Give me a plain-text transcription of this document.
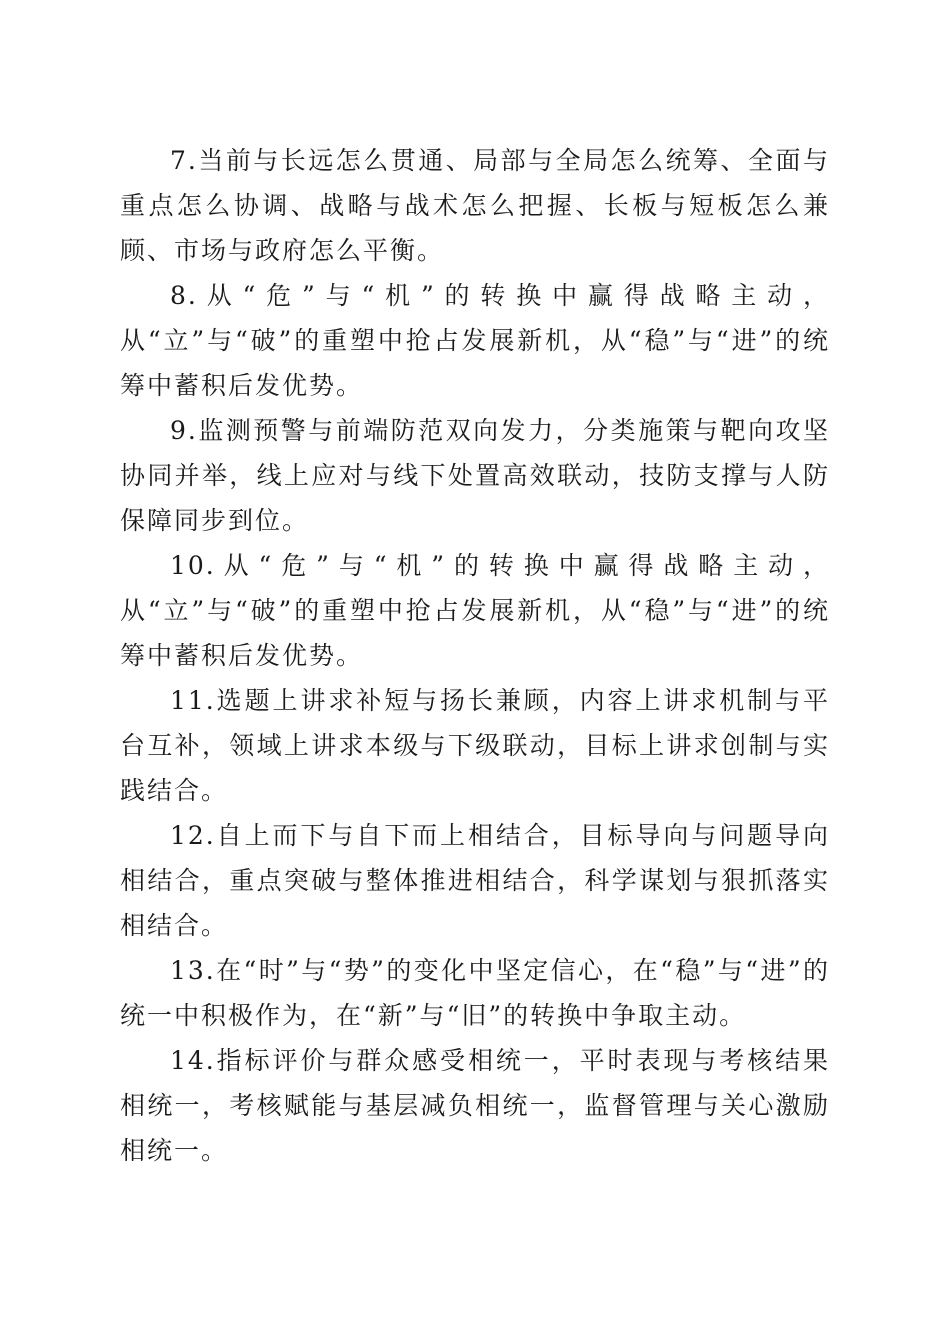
7.当前与长远怎么贯通、局部与全局怎么统筹、全面与重点怎么协调、战略与战术怎么把握、长板与短板怎么兼顾、市场与政府怎么平衡。

8.从“危”与“机”的转换中赢得战略主动，从“立”与“破”的重塑中抢占发展新机，从“稳”与“进”的统筹中蓄积后发优势。

9.监测预警与前端防范双向发力，分类施策与靶向攻坚协同并举，线上应对与线下处置高效联动，技防支撑与人防保障同步到位。

10.从“危”与“机”的转换中赢得战略主动，从“立”与“破”的重塑中抢占发展新机，从“稳”与“进”的统筹中蓄积后发优势。

11.选题上讲求补短与扬长兼顾，内容上讲求机制与平台互补，领域上讲求本级与下级联动，目标上讲求创制与实践结合。

12.自上而下与自下而上相结合，目标导向与问题导向相结合，重点突破与整体推进相结合，科学谋划与狠抓落实相结合。

13.在“时”与“势”的变化中坚定信心，在“稳”与“进”的统一中积极作为，在“新”与“旧”的转换中争取主动。

14.指标评价与群众感受相统一，平时表现与考核结果相统一，考核赋能与基层减负相统一，监督管理与关心激励相统一。
